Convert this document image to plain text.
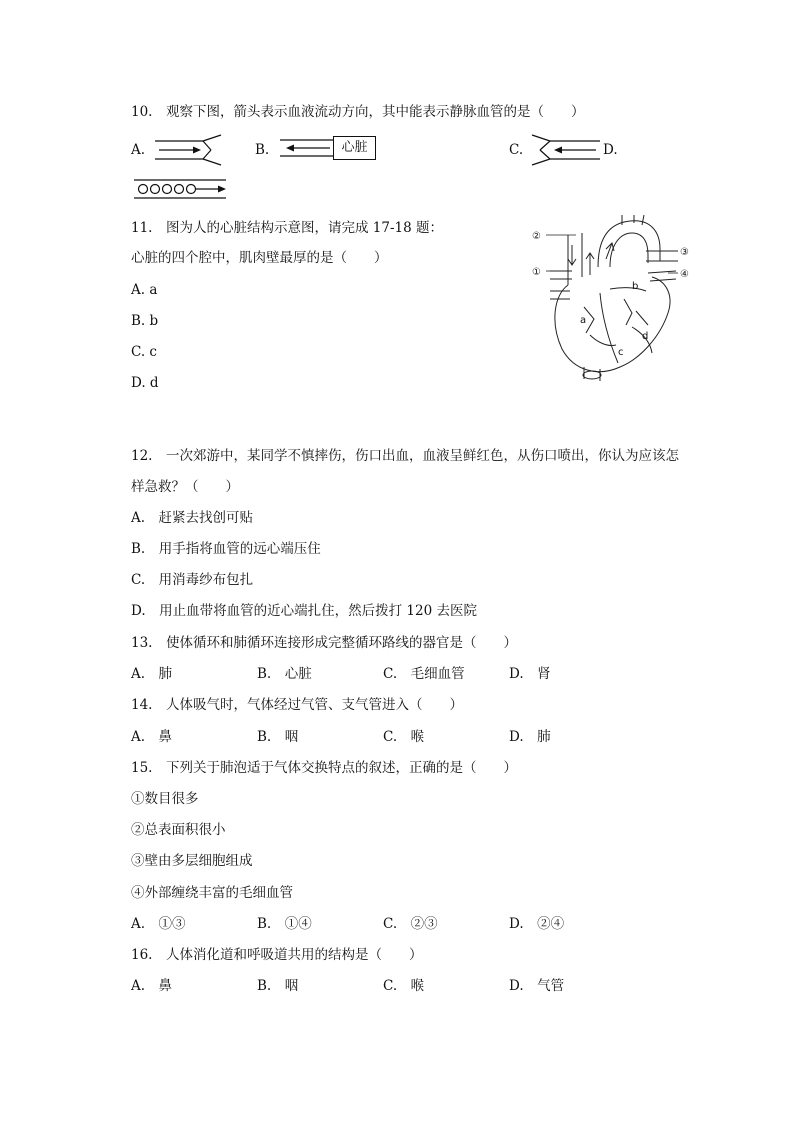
10.　观察下图，箭头表示血液流动方向，其中能表示静脉血管的是（　　）
A.	B.	心脏	C.	D.
11.　图为人的心脏结构示意图，请完成 17-18 题：
心脏的四个腔中，肌肉壁最厚的是（　　）
A. a
B. b
C. c
D. d
②
①
③
④
a
b
c
d
12.　一次郊游中，某同学不慎摔伤，伤口出血，血液呈鲜红色，从伤口喷出，你认为应该怎
样急救？（　　）
A.　赶紧去找创可贴
B.　用手指将血管的远心端压住
C.　用消毒纱布包扎
D.　用止血带将血管的近心端扎住，然后拨打 120 去医院
13.　使体循环和肺循环连接形成完整循环路线的器官是（　　）
A.　肺	B.　心脏	C.　毛细血管	D.　肾
14.　人体吸气时，气体经过气管、支气管进入（　　）
A.　鼻	B.　咽	C.　喉	D.　肺
15.　下列关于肺泡适于气体交换特点的叙述，正确的是（　　）
①数目很多
②总表面积很小
③壁由多层细胞组成
④外部缠绕丰富的毛细血管
A.　①③	B.　①④	C.　②③	D.　②④
16.　人体消化道和呼吸道共用的结构是（　　）
A.　鼻	B.　咽	C.　喉	D.　气管
